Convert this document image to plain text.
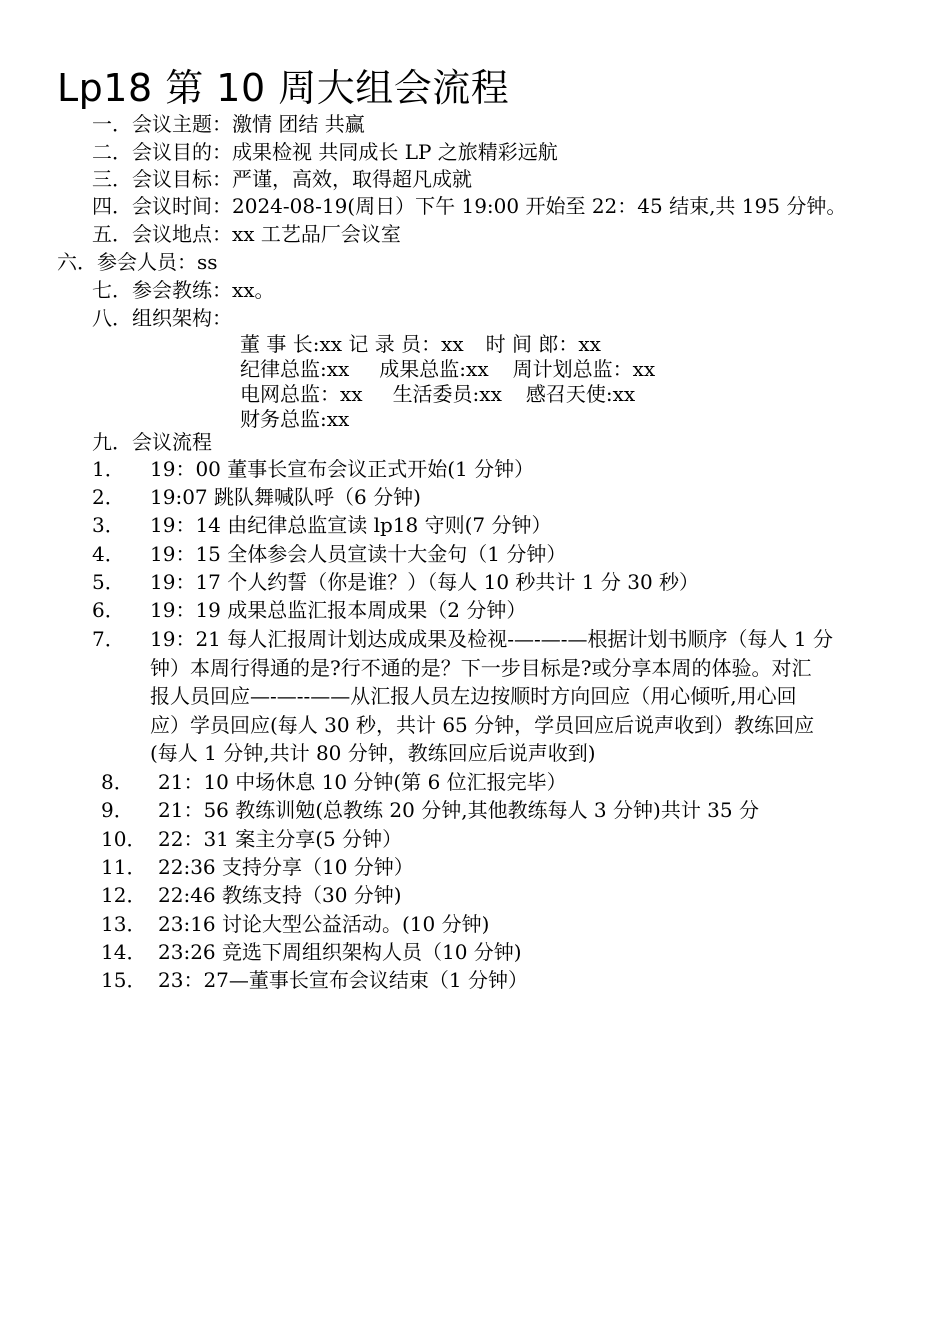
Lp18 第 10 周大组会流程
一．会议主题：激情 团结 共赢
二．会议目的：成果检视 共同成长 LP 之旅精彩远航
三．会议目标：严谨，高效，取得超凡成就
四．会议时间：2024-08-19(周日）下午 19:00 开始至 22：45 结束,共 195 分钟。
五．会议地点：xx 工艺品厂会议室
六．参会人员：ss
七．参会教练：xx。
八．组织架构：
董 事 长:xx 记 录 员：xx 时 间 郎：xx
纪律总监:xx 成果总监:xx 周计划总监：xx
电网总监：xx 生活委员:xx 感召天使:xx
财务总监:xx
九．会议流程
1． 19：00 董事长宣布会议正式开始(1 分钟）
2． 19:07 跳队舞喊队呼（6 分钟)
3． 19：14 由纪律总监宣读 lp18 守则(7 分钟）
4． 19：15 全体参会人员宣读十大金句（1 分钟）
5． 19：17 个人约誓（你是谁？）（每人 10 秒共计 1 分 30 秒）
6． 19：19 成果总监汇报本周成果（2 分钟）
7． 19：21 每人汇报周计划达成成果及检视-—-—-—根据计划书顺序（每人 1 分
钟）本周行得通的是?行不通的是？下一步目标是?或分享本周的体验。对汇
报人员回应—-—--——从汇报人员左边按顺时方向回应（用心倾听,用心回
应）学员回应(每人 30 秒，共计 65 分钟，学员回应后说声收到）教练回应
(每人 1 分钟,共计 80 分钟，教练回应后说声收到)
8． 21：10 中场休息 10 分钟(第 6 位汇报完毕）
9． 21：56 教练训勉(总教练 20 分钟,其他教练每人 3 分钟)共计 35 分
10． 22：31 案主分享(5 分钟）
11． 22:36 支持分享（10 分钟）
12． 22:46 教练支持（30 分钟)
13． 23:16 讨论大型公益活动。(10 分钟)
14． 23:26 竞选下周组织架构人员（10 分钟)
15． 23：27—董事长宣布会议结束（1 分钟）
